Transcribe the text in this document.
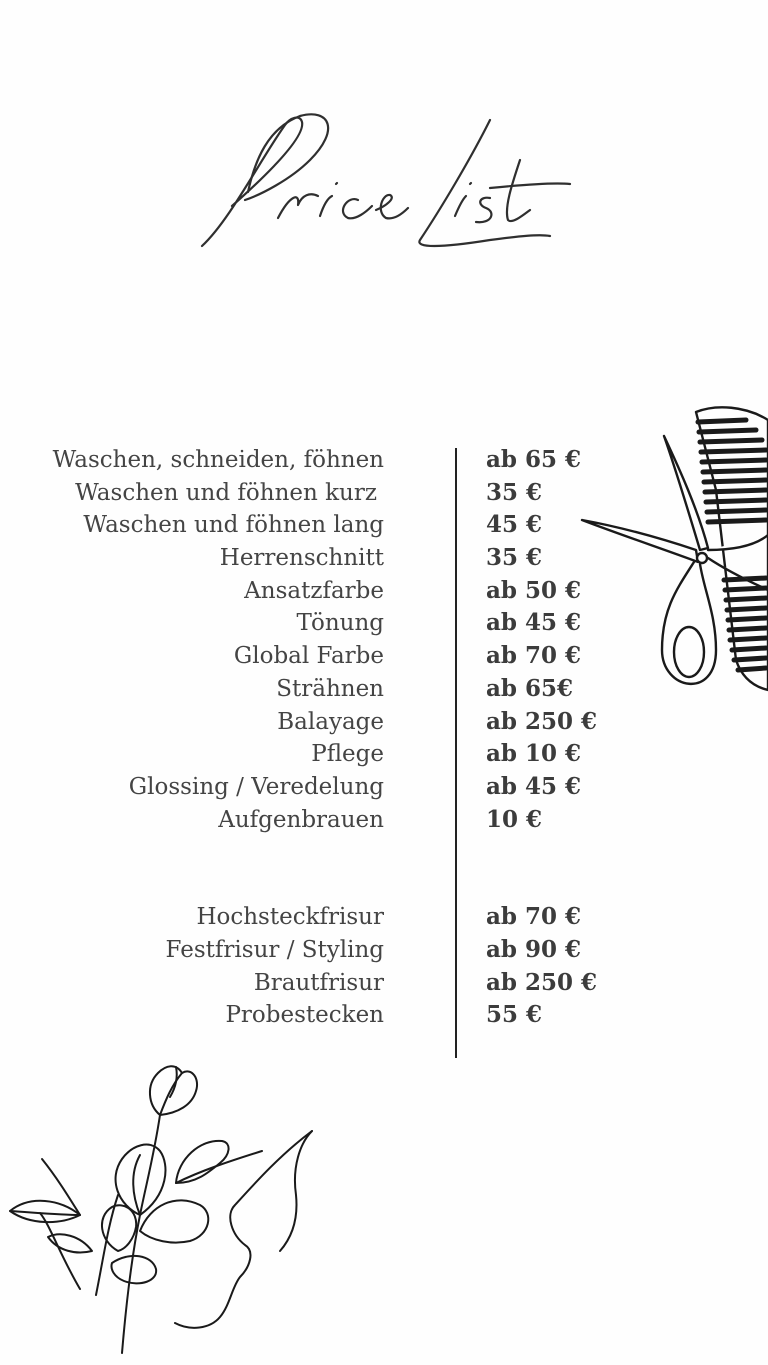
Waschen, schneiden, föhnen
Waschen und föhnen kurz
Waschen und föhnen lang
Herrenschnitt
Ansatzfarbe
Tönung
Global Farbe
Strähnen
Balayage
Pflege
Glossing / Veredelung
Aufgenbrauen
Hochsteckfrisur
Festfrisur / Styling
Brautfrisur
Probestecken
ab 65 €
35 €
45 €
35 €
ab 50 €
ab 45 €
ab 70 €
ab 65€
ab 250 €
ab 10 €
ab 45 €
10 €
ab 70 €
ab 90 €
ab 250 €
55 €
